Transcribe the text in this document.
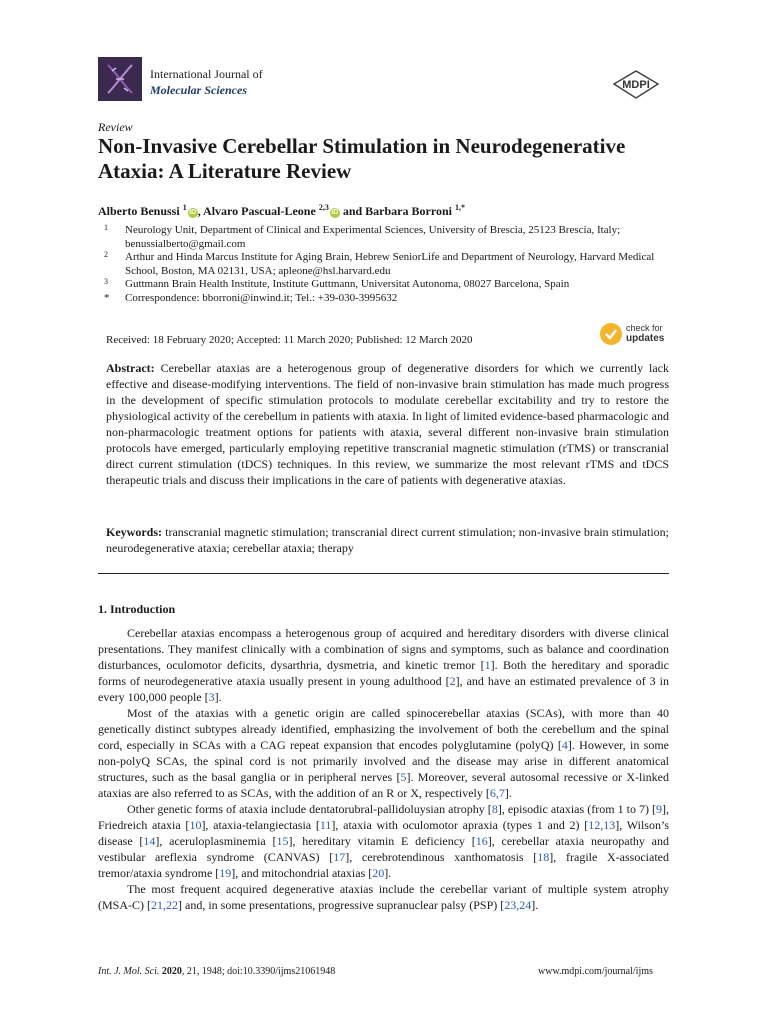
International Journal of
Molecular Sciences	MDPI
Review
Non-Invasive Cerebellar Stimulation in Neurodegenerative Ataxia: A Literature Review
Alberto Benussi $^1$iD , Alvaro Pascual-Leone $^{2,3}$iD and Barbara Borroni $^{1,*}$
1 Neurology Unit, Department of Clinical and Experimental Sciences, University of Brescia, 25123 Brescia, Italy; benussialberto@gmail.com
2 Arthur and Hinda Marcus Institute for Aging Brain, Hebrew SeniorLife and Department of Neurology, Harvard Medical School, Boston, MA 02131, USA; apleone@hsl.harvard.edu
3 Guttmann Brain Health Institute, Institute Guttmann, Universitat Autonoma, 08027 Barcelona, Spain
* Correspondence: bborroni@inwind.it; Tel.: +39-030-3995632
Received: 18 February 2020; Accepted: 11 March 2020; Published: 12 March 2020
check for
updates
Abstract: Cerebellar ataxias are a heterogenous group of degenerative disorders for which we currently lack effective and disease-modifying interventions. The field of non-invasive brain stimulation has made much progress in the development of specific stimulation protocols to modulate cerebellar excitability and try to restore the physiological activity of the cerebellum in patients with ataxia. In light of limited evidence-based pharmacologic and non-pharmacologic treatment options for patients with ataxia, several different non-invasive brain stimulation protocols have emerged, particularly employing repetitive transcranial magnetic stimulation (rTMS) or transcranial direct current stimulation (tDCS) techniques. In this review, we summarize the most relevant rTMS and tDCS therapeutic trials and discuss their implications in the care of patients with degenerative ataxias.
Keywords: transcranial magnetic stimulation; transcranial direct current stimulation; non-invasive brain stimulation; neurodegenerative ataxia; cerebellar ataxia; therapy
1. Introduction

Cerebellar ataxias encompass a heterogenous group of acquired and hereditary disorders with diverse clinical presentations. They manifest clinically with a combination of signs and symptoms, such as balance and coordination disturbances, oculomotor deficits, dysarthria, dysmetria, and kinetic tremor [1]. Both the hereditary and sporadic forms of neurodegenerative ataxia usually present in young adulthood [2], and have an estimated prevalence of 3 in every 100,000 people [3].

Most of the ataxias with a genetic origin are called spinocerebellar ataxias (SCAs), with more than 40 genetically distinct subtypes already identified, emphasizing the involvement of both the cerebellum and the spinal cord, especially in SCAs with a CAG repeat expansion that encodes polyglutamine (polyQ) [4]. However, in some non-polyQ SCAs, the spinal cord is not primarily involved and the disease may arise in different anatomical structures, such as the basal ganglia or in peripheral nerves [5]. Moreover, several autosomal recessive or X-linked ataxias are also referred to as SCAs, with the addition of an R or X, respectively [6,7].

Other genetic forms of ataxia include dentatorubral-pallidoluysian atrophy [8], episodic ataxias (from 1 to 7) [9], Friedreich ataxia [10], ataxia-telangiectasia [11], ataxia with oculomotor apraxia (types 1 and 2) [12,13], Wilson’s disease [14], aceruloplasminemia [15], hereditary vitamin E deficiency [16], cerebellar ataxia neuropathy and vestibular areflexia syndrome (CANVAS) [17], cerebrotendinous xanthomatosis [18], fragile X-associated tremor/ataxia syndrome [19], and mitochondrial ataxias [20].

The most frequent acquired degenerative ataxias include the cerebellar variant of multiple system atrophy (MSA-C) [21,22] and, in some presentations, progressive supranuclear palsy (PSP) [23,24].

Int. J. Mol. Sci. 2020, 21, 1948; doi:10.3390/ijms21061948	www.mdpi.com/journal/ijms
